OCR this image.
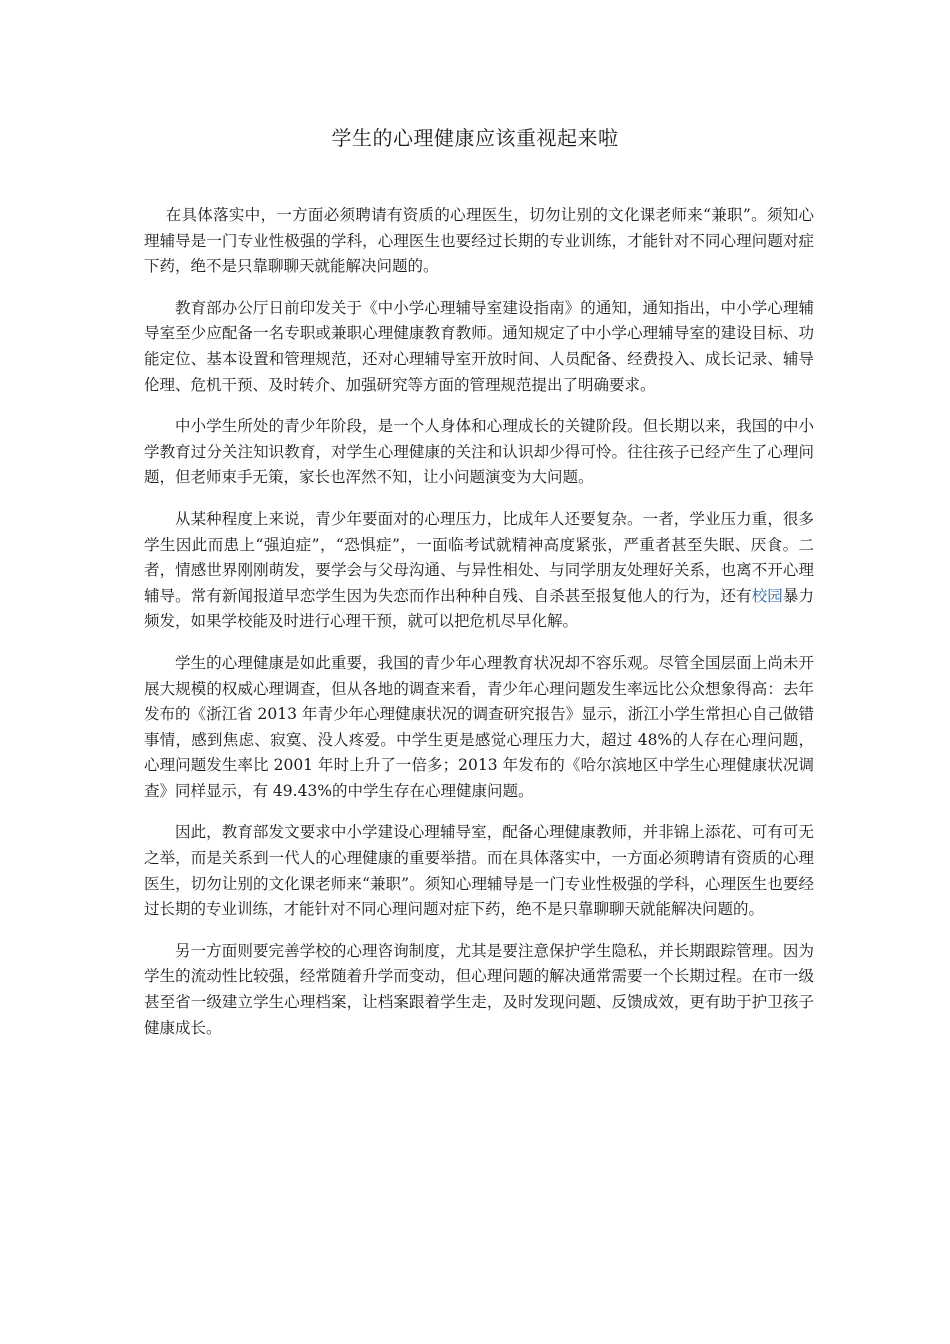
学生的心理健康应该重视起来啦

在具体落实中，一方面必须聘请有资质的心理医生，切勿让别的文化课老师来“兼职”。须知心理辅导是一门专业性极强的学科，心理医生也要经过长期的专业训练，才能针对不同心理问题对症下药，绝不是只靠聊聊天就能解决问题的。

教育部办公厅日前印发关于《中小学心理辅导室建设指南》的通知，通知指出，中小学心理辅导室至少应配备一名专职或兼职心理健康教育教师。通知规定了中小学心理辅导室的建设目标、功能定位、基本设置和管理规范，还对心理辅导室开放时间、人员配备、经费投入、成长记录、辅导伦理、危机干预、及时转介、加强研究等方面的管理规范提出了明确要求。

中小学生所处的青少年阶段，是一个人身体和心理成长的关键阶段。但长期以来，我国的中小学教育过分关注知识教育，对学生心理健康的关注和认识却少得可怜。往往孩子已经产生了心理问题，但老师束手无策，家长也浑然不知，让小问题演变为大问题。

从某种程度上来说，青少年要面对的心理压力，比成年人还要复杂。一者，学业压力重，很多学生因此而患上“强迫症”，“恐惧症”，一面临考试就精神高度紧张，严重者甚至失眠、厌食。二者，情感世界刚刚萌发，要学会与父母沟通、与异性相处、与同学朋友处理好关系，也离不开心理辅导。常有新闻报道早恋学生因为失恋而作出种种自残、自杀甚至报复他人的行为，还有校园暴力频发，如果学校能及时进行心理干预，就可以把危机尽早化解。

学生的心理健康是如此重要，我国的青少年心理教育状况却不容乐观。尽管全国层面上尚未开展大规模的权威心理调查，但从各地的调查来看，青少年心理问题发生率远比公众想象得高：去年发布的《浙江省 2013 年青少年心理健康状况的调查研究报告》显示，浙江小学生常担心自己做错事情，感到焦虑、寂寞、没人疼爱。中学生更是感觉心理压力大，超过 48%的人存在心理问题，心理问题发生率比 2001 年时上升了一倍多；2013 年发布的《哈尔滨地区中学生心理健康状况调查》同样显示，有 49.43%的中学生存在心理健康问题。

因此，教育部发文要求中小学建设心理辅导室，配备心理健康教师，并非锦上添花、可有可无之举，而是关系到一代人的心理健康的重要举措。而在具体落实中，一方面必须聘请有资质的心理医生，切勿让别的文化课老师来“兼职”。须知心理辅导是一门专业性极强的学科，心理医生也要经过长期的专业训练，才能针对不同心理问题对症下药，绝不是只靠聊聊天就能解决问题的。

另一方面则要完善学校的心理咨询制度，尤其是要注意保护学生隐私，并长期跟踪管理。因为学生的流动性比较强，经常随着升学而变动，但心理问题的解决通常需要一个长期过程。在市一级甚至省一级建立学生心理档案，让档案跟着学生走，及时发现问题、反馈成效，更有助于护卫孩子健康成长。
